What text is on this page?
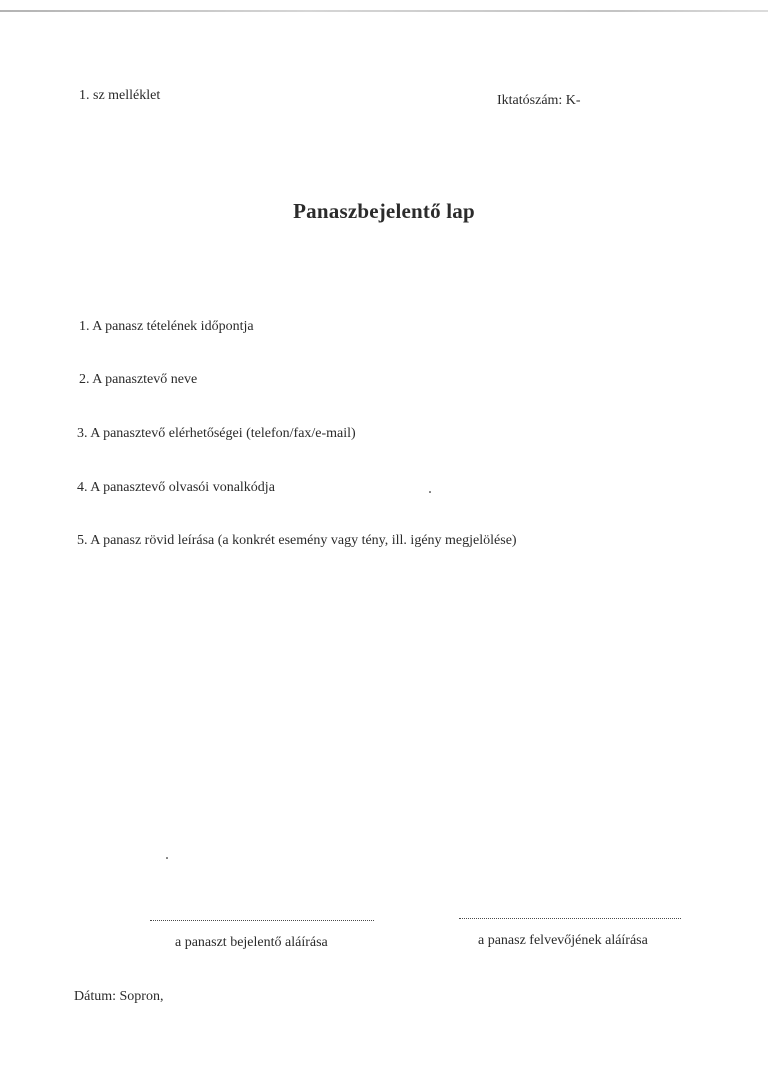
1. sz melléklet	Iktatószám: K-
Panaszbejelentő lap
1. A panasz tételének időpontja
2. A panasztevő neve
3. A panasztevő elérhetőségei (telefon/fax/e-mail)
4. A panasztevő olvasói vonalkódja
5. A panasz rövid leírása (a konkrét esemény vagy tény, ill. igény megjelölése)
a panaszt bejelentő aláírása	a panasz felvevőjének aláírása
Dátum: Sopron,
